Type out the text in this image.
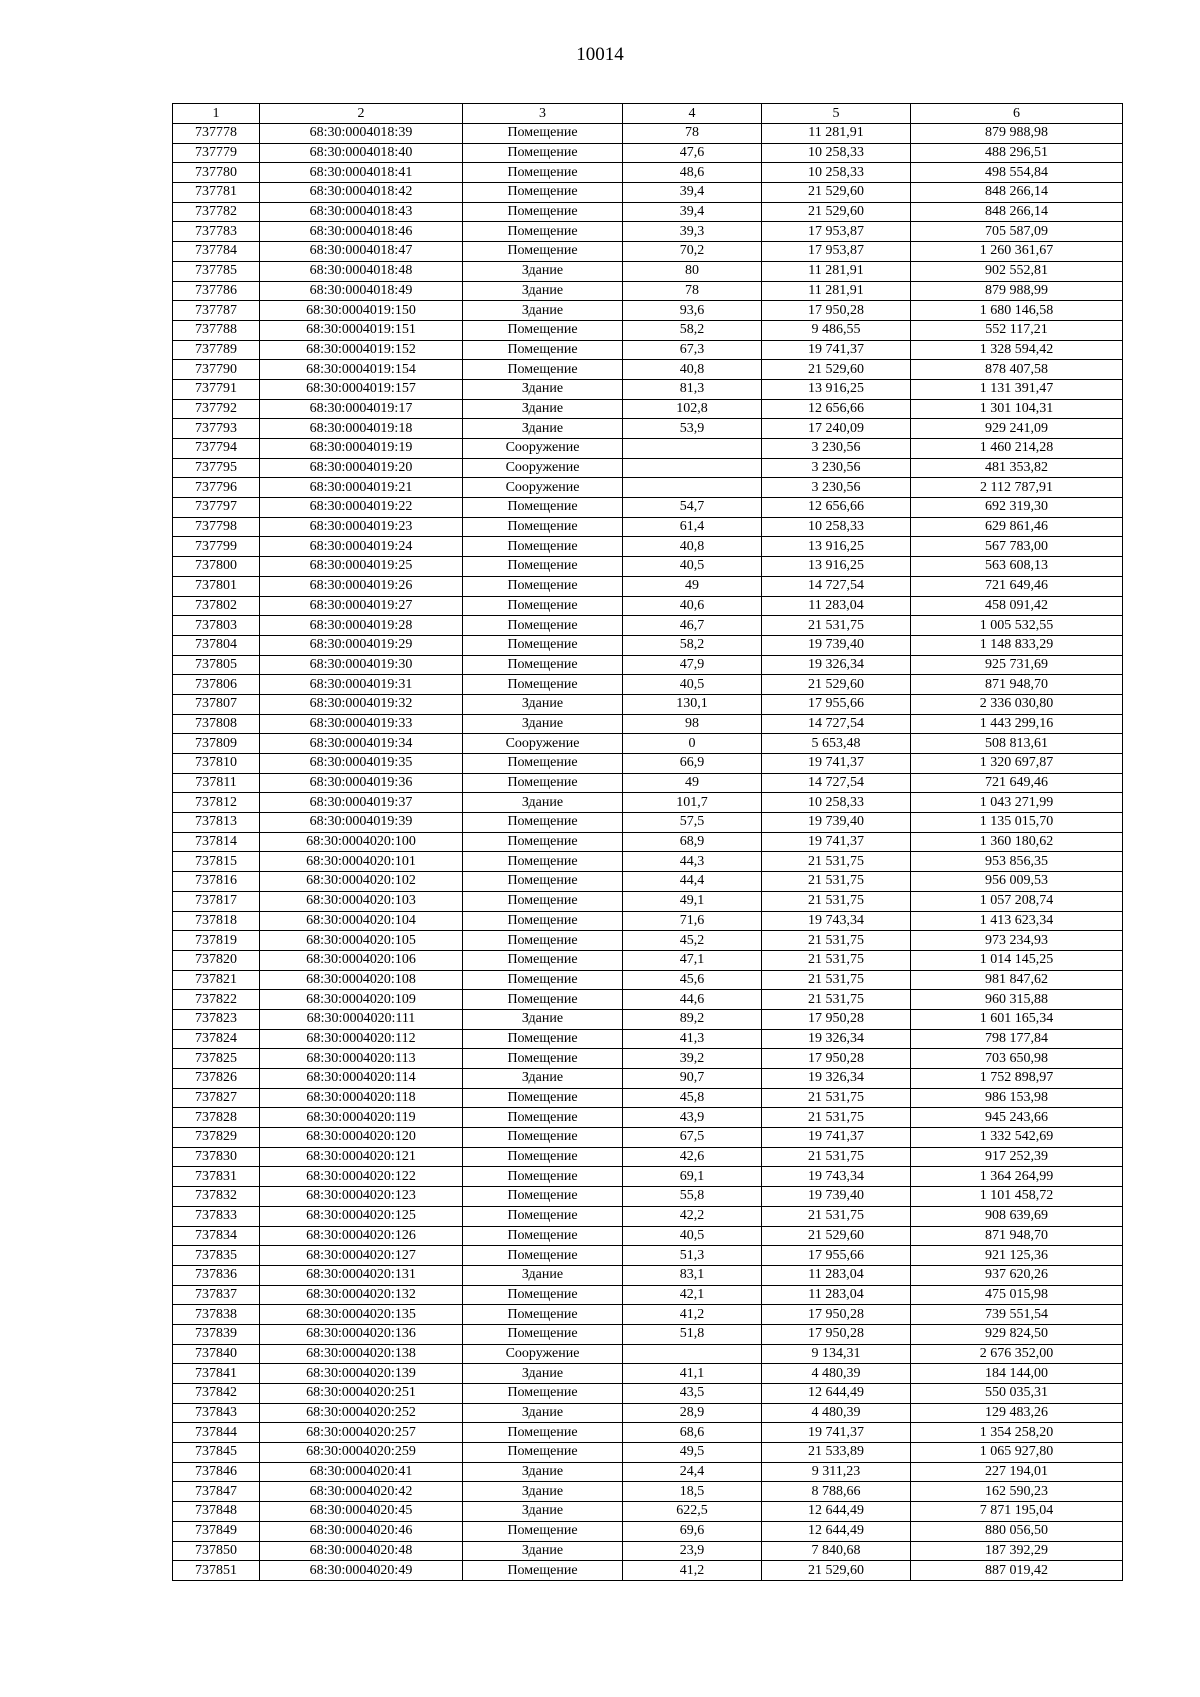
10014
1	2	3	4	5	6
737778	68:30:0004018:39	Помещение	78	11 281,91	879 988,98
737779	68:30:0004018:40	Помещение	47,6	10 258,33	488 296,51
737780	68:30:0004018:41	Помещение	48,6	10 258,33	498 554,84
737781	68:30:0004018:42	Помещение	39,4	21 529,60	848 266,14
737782	68:30:0004018:43	Помещение	39,4	21 529,60	848 266,14
737783	68:30:0004018:46	Помещение	39,3	17 953,87	705 587,09
737784	68:30:0004018:47	Помещение	70,2	17 953,87	1 260 361,67
737785	68:30:0004018:48	Здание	80	11 281,91	902 552,81
737786	68:30:0004018:49	Здание	78	11 281,91	879 988,99
737787	68:30:0004019:150	Здание	93,6	17 950,28	1 680 146,58
737788	68:30:0004019:151	Помещение	58,2	9 486,55	552 117,21
737789	68:30:0004019:152	Помещение	67,3	19 741,37	1 328 594,42
737790	68:30:0004019:154	Помещение	40,8	21 529,60	878 407,58
737791	68:30:0004019:157	Здание	81,3	13 916,25	1 131 391,47
737792	68:30:0004019:17	Здание	102,8	12 656,66	1 301 104,31
737793	68:30:0004019:18	Здание	53,9	17 240,09	929 241,09
737794	68:30:0004019:19	Сооружение		3 230,56	1 460 214,28
737795	68:30:0004019:20	Сооружение		3 230,56	481 353,82
737796	68:30:0004019:21	Сооружение		3 230,56	2 112 787,91
737797	68:30:0004019:22	Помещение	54,7	12 656,66	692 319,30
737798	68:30:0004019:23	Помещение	61,4	10 258,33	629 861,46
737799	68:30:0004019:24	Помещение	40,8	13 916,25	567 783,00
737800	68:30:0004019:25	Помещение	40,5	13 916,25	563 608,13
737801	68:30:0004019:26	Помещение	49	14 727,54	721 649,46
737802	68:30:0004019:27	Помещение	40,6	11 283,04	458 091,42
737803	68:30:0004019:28	Помещение	46,7	21 531,75	1 005 532,55
737804	68:30:0004019:29	Помещение	58,2	19 739,40	1 148 833,29
737805	68:30:0004019:30	Помещение	47,9	19 326,34	925 731,69
737806	68:30:0004019:31	Помещение	40,5	21 529,60	871 948,70
737807	68:30:0004019:32	Здание	130,1	17 955,66	2 336 030,80
737808	68:30:0004019:33	Здание	98	14 727,54	1 443 299,16
737809	68:30:0004019:34	Сооружение	0	5 653,48	508 813,61
737810	68:30:0004019:35	Помещение	66,9	19 741,37	1 320 697,87
737811	68:30:0004019:36	Помещение	49	14 727,54	721 649,46
737812	68:30:0004019:37	Здание	101,7	10 258,33	1 043 271,99
737813	68:30:0004019:39	Помещение	57,5	19 739,40	1 135 015,70
737814	68:30:0004020:100	Помещение	68,9	19 741,37	1 360 180,62
737815	68:30:0004020:101	Помещение	44,3	21 531,75	953 856,35
737816	68:30:0004020:102	Помещение	44,4	21 531,75	956 009,53
737817	68:30:0004020:103	Помещение	49,1	21 531,75	1 057 208,74
737818	68:30:0004020:104	Помещение	71,6	19 743,34	1 413 623,34
737819	68:30:0004020:105	Помещение	45,2	21 531,75	973 234,93
737820	68:30:0004020:106	Помещение	47,1	21 531,75	1 014 145,25
737821	68:30:0004020:108	Помещение	45,6	21 531,75	981 847,62
737822	68:30:0004020:109	Помещение	44,6	21 531,75	960 315,88
737823	68:30:0004020:111	Здание	89,2	17 950,28	1 601 165,34
737824	68:30:0004020:112	Помещение	41,3	19 326,34	798 177,84
737825	68:30:0004020:113	Помещение	39,2	17 950,28	703 650,98
737826	68:30:0004020:114	Здание	90,7	19 326,34	1 752 898,97
737827	68:30:0004020:118	Помещение	45,8	21 531,75	986 153,98
737828	68:30:0004020:119	Помещение	43,9	21 531,75	945 243,66
737829	68:30:0004020:120	Помещение	67,5	19 741,37	1 332 542,69
737830	68:30:0004020:121	Помещение	42,6	21 531,75	917 252,39
737831	68:30:0004020:122	Помещение	69,1	19 743,34	1 364 264,99
737832	68:30:0004020:123	Помещение	55,8	19 739,40	1 101 458,72
737833	68:30:0004020:125	Помещение	42,2	21 531,75	908 639,69
737834	68:30:0004020:126	Помещение	40,5	21 529,60	871 948,70
737835	68:30:0004020:127	Помещение	51,3	17 955,66	921 125,36
737836	68:30:0004020:131	Здание	83,1	11 283,04	937 620,26
737837	68:30:0004020:132	Помещение	42,1	11 283,04	475 015,98
737838	68:30:0004020:135	Помещение	41,2	17 950,28	739 551,54
737839	68:30:0004020:136	Помещение	51,8	17 950,28	929 824,50
737840	68:30:0004020:138	Сооружение		9 134,31	2 676 352,00
737841	68:30:0004020:139	Здание	41,1	4 480,39	184 144,00
737842	68:30:0004020:251	Помещение	43,5	12 644,49	550 035,31
737843	68:30:0004020:252	Здание	28,9	4 480,39	129 483,26
737844	68:30:0004020:257	Помещение	68,6	19 741,37	1 354 258,20
737845	68:30:0004020:259	Помещение	49,5	21 533,89	1 065 927,80
737846	68:30:0004020:41	Здание	24,4	9 311,23	227 194,01
737847	68:30:0004020:42	Здание	18,5	8 788,66	162 590,23
737848	68:30:0004020:45	Здание	622,5	12 644,49	7 871 195,04
737849	68:30:0004020:46	Помещение	69,6	12 644,49	880 056,50
737850	68:30:0004020:48	Здание	23,9	7 840,68	187 392,29
737851	68:30:0004020:49	Помещение	41,2	21 529,60	887 019,42
